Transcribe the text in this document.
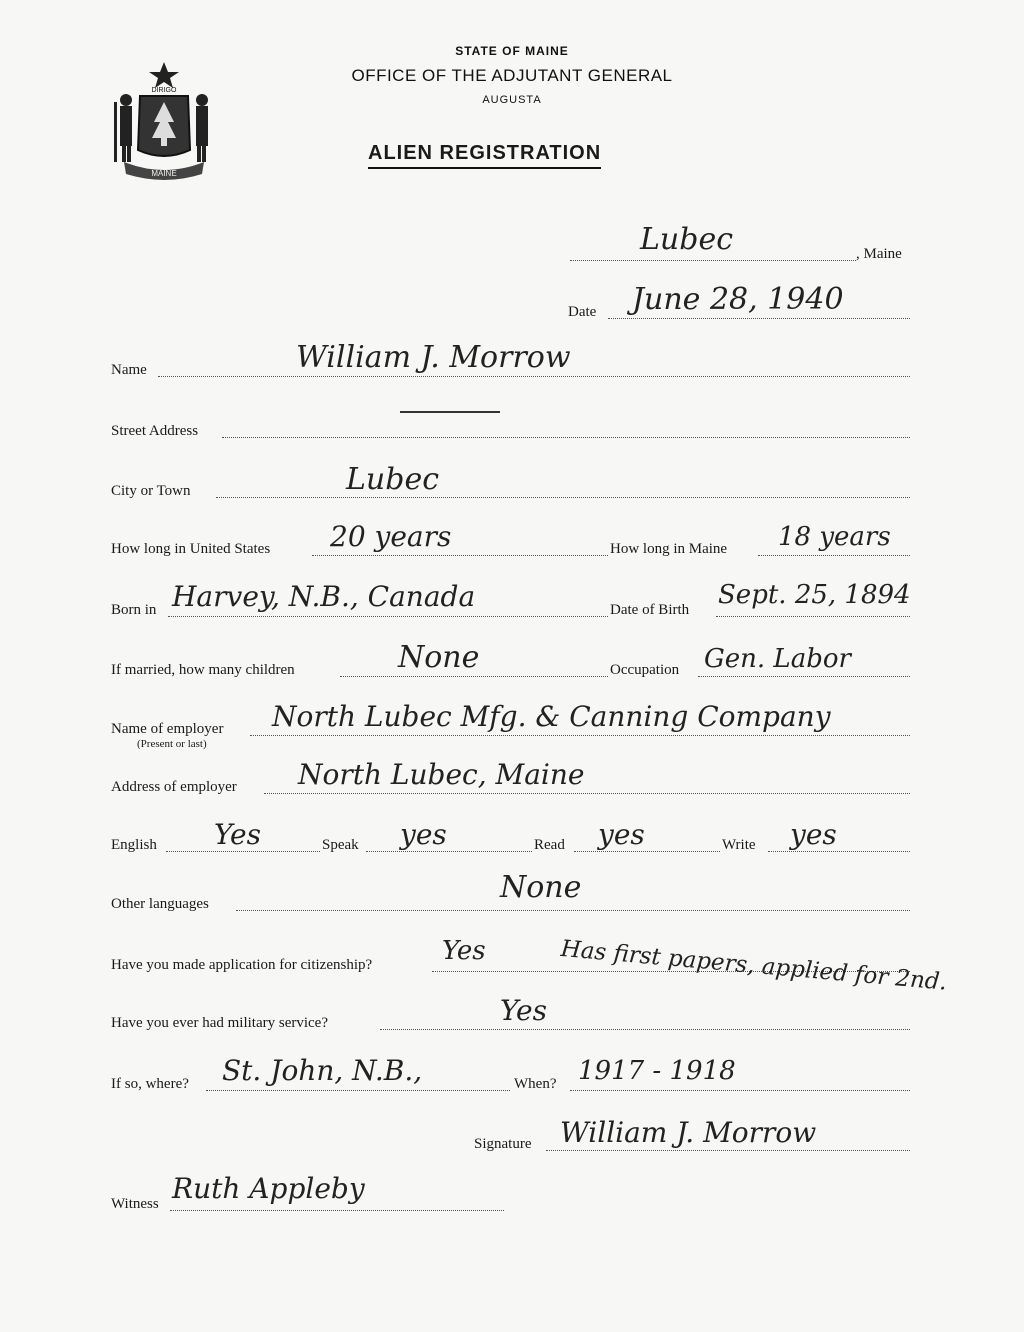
DIRIGO
MAINE
STATE OF MAINE
OFFICE OF THE ADJUTANT GENERAL
AUGUSTA
ALIEN REGISTRATION
Lubec	, Maine
Date June 28, 1940
Name	William J. Morrow
Street Address
City or Town	Lubec
How long in United States 20 years	How long in Maine 18 years
Born in Harvey, N.B., Canada	Date of Birth Sept. 25, 1894
If married, how many children	None	Occupation Gen. Labor
Name of employer
(Present or last)
North Lubec Mfg. & Canning Company
Address of employer North Lubec, Maine
English Yes	Speak yes	Read yes	Write yes
Other languages	None
Have you made application for citizenship?	Yes	Has first papers, applied for 2nd.
Have you ever had military service?	Yes
If so, where? St. John, N.B.,	When? 1917 - 1918
Signature William J. Morrow
Witness Ruth Appleby
